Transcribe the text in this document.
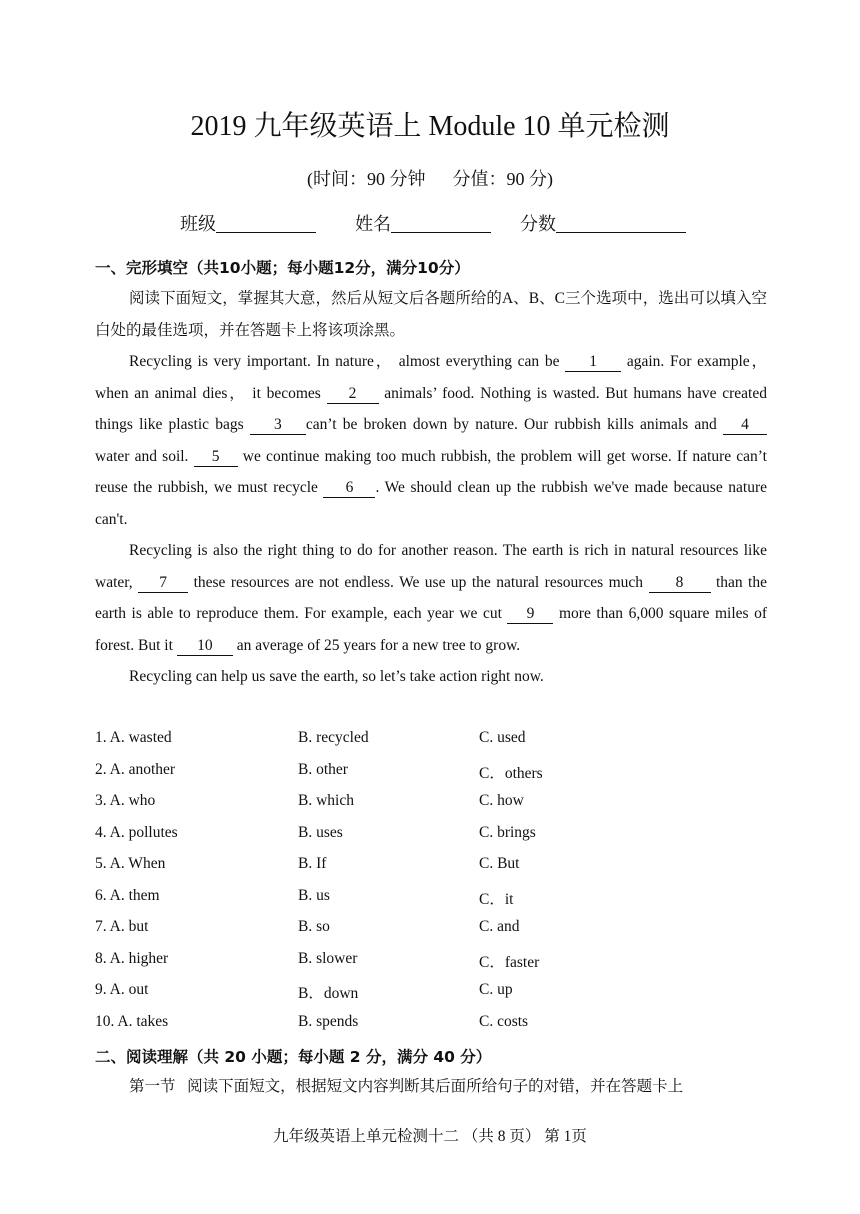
2019 九年级英语上 Module 10 单元检测
(时间：90 分钟      分值：90 分)
班级	姓名	分数
一、完形填空（共10小题；每小题12分，满分10分）

阅读下面短文，掌握其大意，然后从短文后各题所给的A、B、C三个选项中，选出可以填入空白处的最佳选项，并在答题卡上将该项涂黑。

Recycling is very important. In nature， almost everything can be 1 again. For example， when an animal dies， it becomes 2 animals’ food. Nothing is wasted. But humans have created things like plastic bags 3 can’t be broken down by nature. Our rubbish kills animals and 4 water and soil. 5 we continue making too much rubbish, the problem will get worse. If nature can’t reuse the rubbish, we must recycle 6 . We should clean up the rubbish we've made because nature can't.

Recycling is also the right thing to do for another reason. The earth is rich in natural resources like water, 7 these resources are not endless. We use up the natural resources much 8 than the earth is able to reproduce them. For example, each year we cut 9 more than 6,000 square miles of forest. But it 10 an average of 25 years for a new tree to grow.

Recycling can help us save the earth, so let’s take action right now.

1. A. wasted	B. recycled	C. used
2. A. another	B. other	C．others
3. A. who	B. which	C. how
4. A. pollutes	B. uses	C. brings
5. A. When	B. If	C. But
6. A. them	B. us	C．it
7. A. but	B. so	C. and
8. A. higher	B. slower	C．faster
9. A. out	B．down	C. up
10. A. takes	B. spends	C. costs
二、阅读理解（共 20 小题；每小题 2 分，满分 40 分）

第一节   阅读下面短文，根据短文内容判断其后面所给句子的对错，并在答题卡上

九年级英语上单元检测十二 （共 8 页） 第 1页
